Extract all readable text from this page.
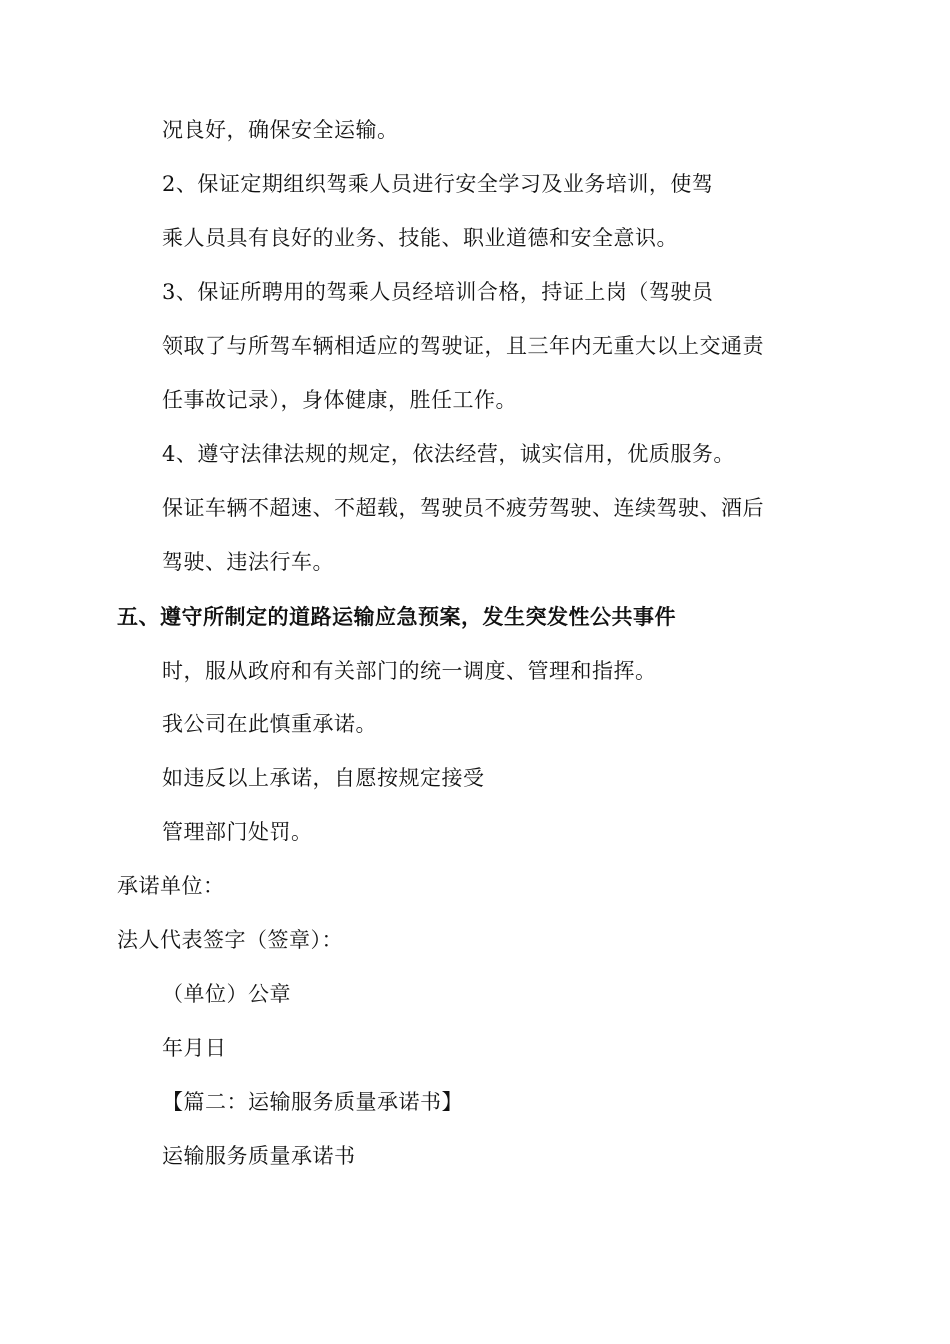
况良好，确保安全运输。
2、保证定期组织驾乘人员进行安全学习及业务培训，使驾
乘人员具有良好的业务、技能、职业道德和安全意识。
3、保证所聘用的驾乘人员经培训合格，持证上岗（驾驶员
领取了与所驾车辆相适应的驾驶证，且三年内无重大以上交通责
任事故记录），身体健康，胜任工作。
4、遵守法律法规的规定，依法经营，诚实信用，优质服务。
保证车辆不超速、不超载，驾驶员不疲劳驾驶、连续驾驶、酒后
驾驶、违法行车。
五、遵守所制定的道路运输应急预案，发生突发性公共事件
时，服从政府和有关部门的统一调度、管理和指挥。
我公司在此慎重承诺。
如违反以上承诺，自愿按规定接受
管理部门处罚。
承诺单位：
法人代表签字（签章）：
（单位）公章
年月日
【篇二：运输服务质量承诺书】
运输服务质量承诺书
